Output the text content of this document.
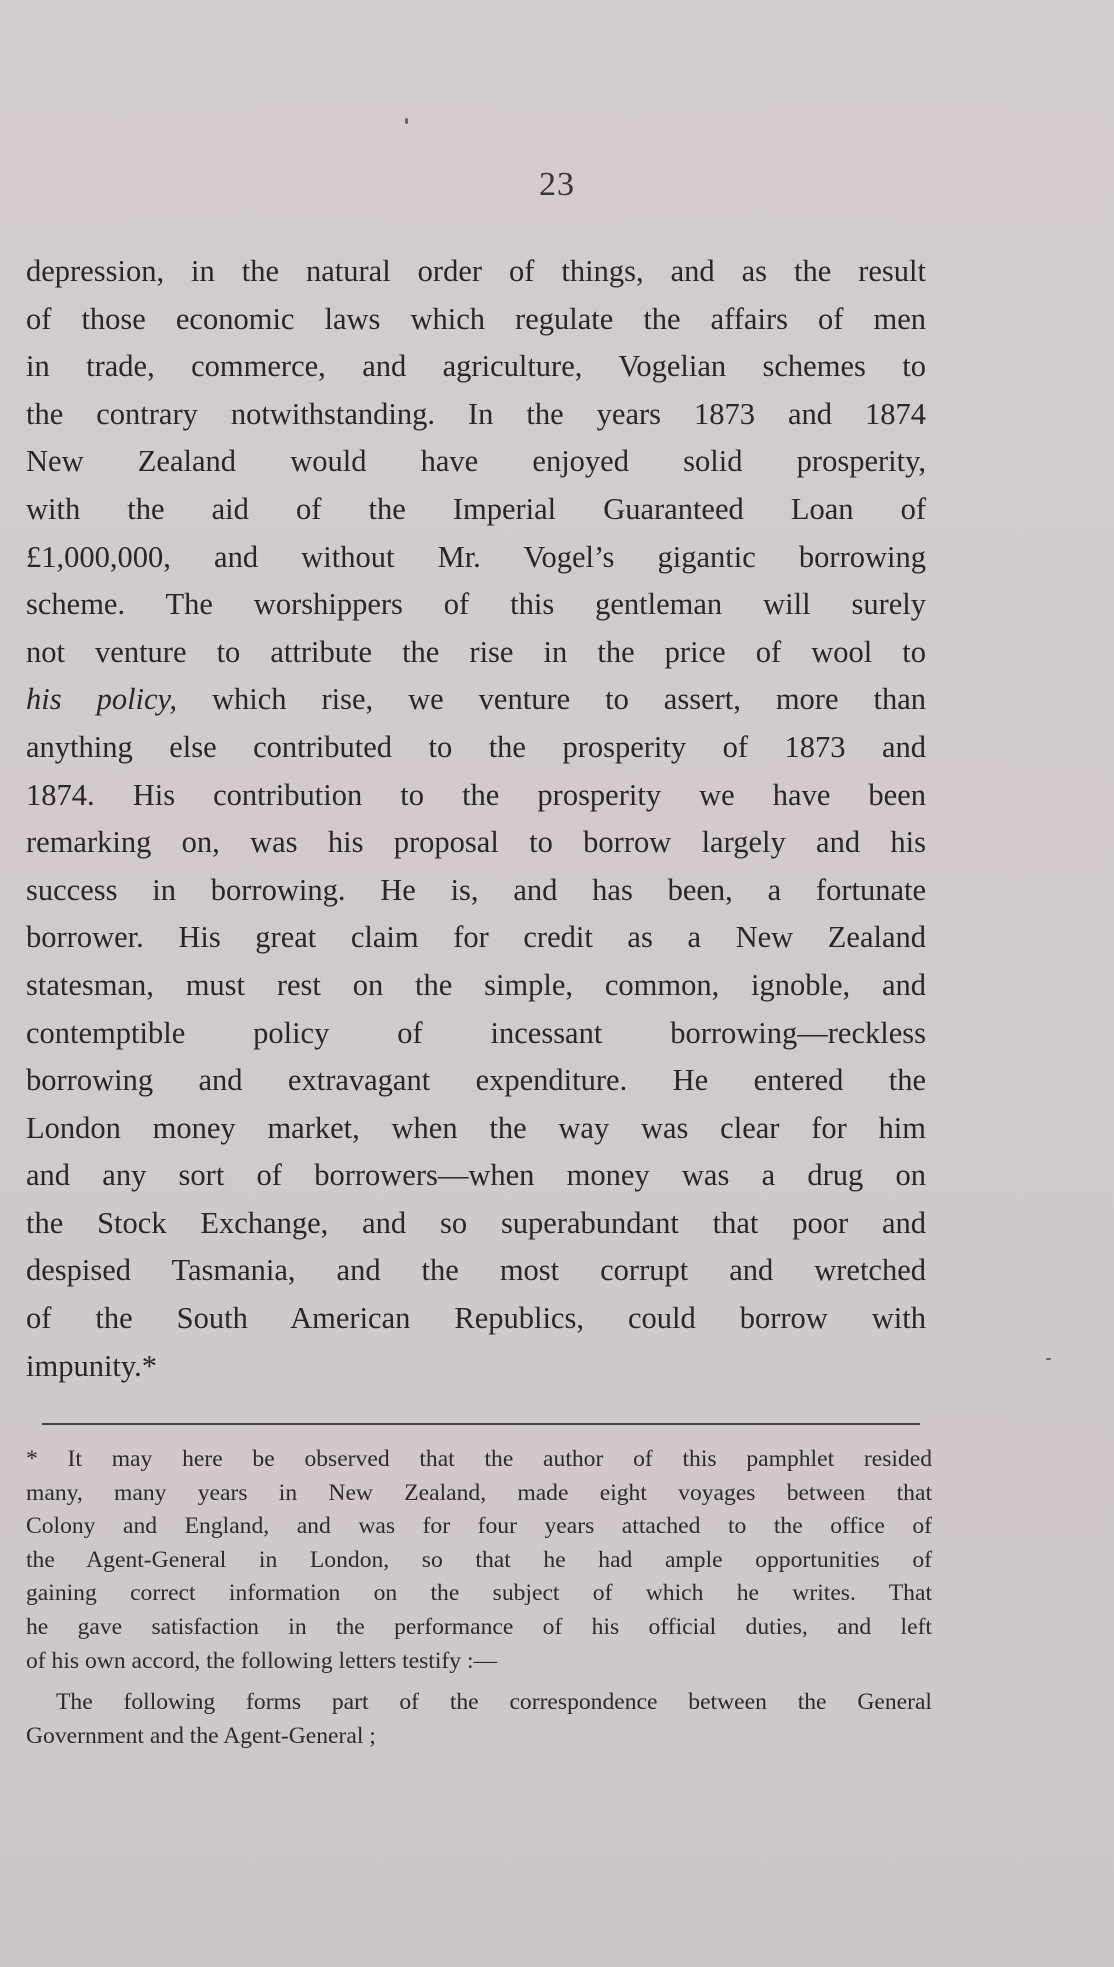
23
depression, in the natural order of things, and as the result
of those economic laws which regulate the affairs of men
in trade, commerce, and agriculture, Vogelian schemes to
the contrary notwithstanding. In the years 1873 and 1874
New Zealand would have enjoyed solid prosperity,
with the aid of the Imperial Guaranteed Loan of
£1,000,000, and without Mr. Vogel’s gigantic borrowing
scheme. The worshippers of this gentleman will surely
not venture to attribute the rise in the price of wool to
his policy, which rise, we venture to assert, more than
anything else contributed to the prosperity of 1873 and
1874. His contribution to the prosperity we have been
remarking on, was his proposal to borrow largely and his
success in borrowing. He is, and has been, a fortunate
borrower. His great claim for credit as a New Zealand
statesman, must rest on the simple, common, ignoble, and
contemptible policy of incessant borrowing—reckless
borrowing and extravagant expenditure. He entered the
London money market, when the way was clear for him
and any sort of borrowers—when money was a drug on
the Stock Exchange, and so superabundant that poor and
despised Tasmania, and the most corrupt and wretched
of the South American Republics, could borrow with
impunity.*
* It may here be observed that the author of this pamphlet resided
many, many years in New Zealand, made eight voyages between that
Colony and England, and was for four years attached to the office of
the Agent-General in London, so that he had ample opportunities of
gaining correct information on the subject of which he writes. That
he gave satisfaction in the performance of his official duties, and left
of his own accord, the following letters testify :—
The following forms part of the correspondence between the General
Government and the Agent-General ;
